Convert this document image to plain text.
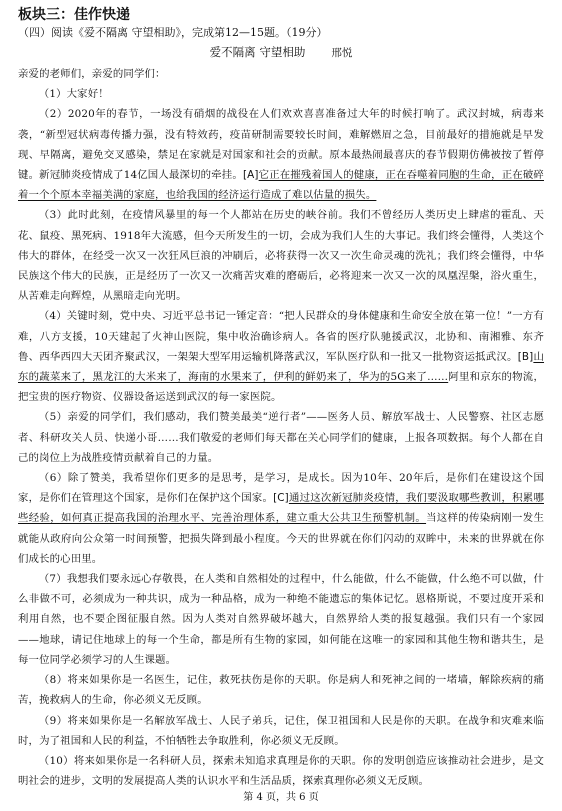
板块三：佳作快递
（四）阅读《爱不隔离 守望相助》，完成第12—15题。（19分）
爱不隔离 守望相助 邢悦

亲爱的老师们，亲爱的同学们：

（1）大家好！

（2）2020年的春节，一场没有硝烟的战役在人们欢欢喜喜准备过大年的时候打响了。武汉封城，病毒来袭，“新型冠状病毒传播力强，没有特效药，疫苗研制需要较长时间，难解燃眉之急，目前最好的措施就是早发现、早隔离，避免交叉感染，禁足在家就是对国家和社会的贡献。原本最热闹最喜庆的春节假期仿佛被按了暂停键。新冠肺炎疫情成了14亿国人最深切的牵挂。[A]它正在摧残着国人的健康，正在吞噬着同胞的生命，正在破碎着一个个原本幸福美满的家庭，也给我国的经济运行造成了难以估量的损失。

（3）此时此刻，在疫情风暴里的每一个人都站在历史的峡谷前。我们不曾经历人类历史上肆虐的霍乱、天花、鼠疫、黑死病、1918年大流感，但今天所发生的一切，会成为我们人生的大事记。我们终会懂得，人类这个伟大的群体，在经受一次又一次狂风巨浪的冲刷后，必将获得一次又一次生命灵魂的洗礼；我们终会懂得，中华民族这个伟大的民族，正是经历了一次又一次痛苦灾难的磨砺后，必将迎来一次又一次的凤凰涅槃，浴火重生，从苦难走向辉煌，从黑暗走向光明。

（4）关键时刻，党中央、习近平总书记一锤定音：“把人民群众的身体健康和生命安全放在第一位！”一方有难，八方支援，10天建起了火神山医院，集中收治确诊病人。各省的医疗队驰援武汉，北协和、南湘雅、东齐鲁、西华西四大天团齐聚武汉，一架架大型军用运输机降落武汉，军队医疗队和一批又一批物资运抵武汉。[B]山东的蔬菜来了，黑龙江的大米来了，海南的水果来了，伊利的鲜奶来了，华为的5G来了……阿里和京东的物流，把宝贵的医疗物资、仪器设备运送到武汉的每一家医院。

（5）亲爱的同学们，我们感动，我们赞美最美“逆行者”——医务人员、解放军战士、人民警察、社区志愿者、科研攻关人员、快递小哥……我们敬爱的老师们每天都在关心同学们的健康，上报各项数据。每个人都在自己的岗位上为战胜疫情贡献着自己的力量。

（6）除了赞美，我希望你们更多的是思考，是学习，是成长。因为10年、20年后，是你们在建设这个国家，是你们在管理这个国家，是你们在保护这个国家。[C]通过这次新冠肺炎疫情，我们要汲取哪些教训，积累哪些经验，如何真正提高我国的治理水平、完善治理体系，建立重大公共卫生预警机制。当这样的传染病刚一发生就能从政府向公众第一时间预警，把损失降到最小程度。今天的世界就在你们闪动的双眸中，未来的世界就在你们成长的心田里。

（7）我想我们要永远心存敬畏，在人类和自然相处的过程中，什么能做，什么不能做，什么绝不可以做，什么非做不可，必须成为一种共识，成为一种品格，成为一种绝不能遗忘的集体记忆。恩格斯说，不要过度开采和利用自然，也不要企图征服自然。因为人类对自然界破坏越大，自然界给人类的报复越强。我们只有一个家园——地球，请记住地球上的每一个生命，都是所有生物的家园，如何能在这唯一的家园和其他生物和谐共生，是每一位同学必须学习的人生课题。

（8）将来如果你是一名医生，记住，救死扶伤是你的天职。你是病人和死神之间的一堵墙，解除疾病的痛苦，挽救病人的生命，你必须义无反顾。

（9）将来如果你是一名解放军战士、人民子弟兵，记住，保卫祖国和人民是你的天职。在战争和灾难来临时，为了祖国和人民的利益，不怕牺牲去争取胜利，你必须义无反顾。

（10）将来如果你是一名科研人员，探索未知追求真理是你的天职。你的发明创造应该推动社会进步，是文明社会的进步，文明的发展提高人类的认识水平和生活品质，探索真理你必须义无反顾。

第 4 页，共 6 页
